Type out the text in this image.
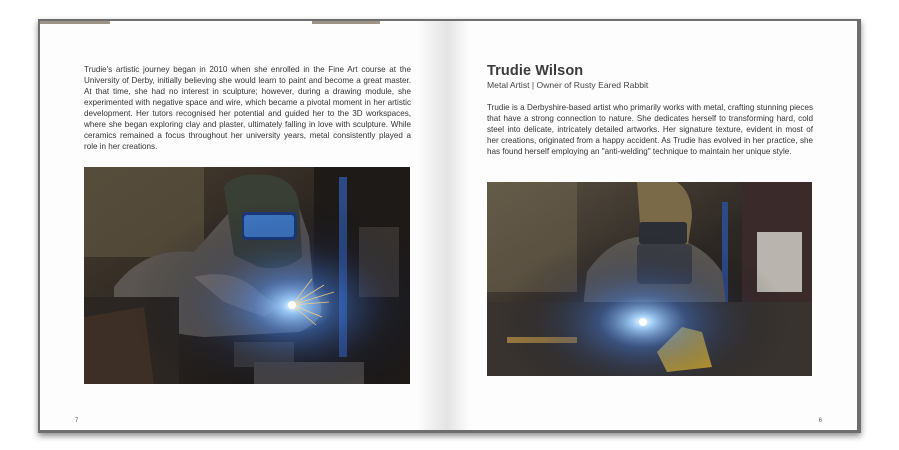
Trudie's artistic journey began in 2010 when she enrolled in the Fine Art course at the University of Derby, initially believing she would learn to paint and become a great master. At that time, she had no interest in sculpture; however, during a drawing module, she experimented with negative space and wire, which became a pivotal moment in her artistic development. Her tutors recognised her potential and guided her to the 3D workspaces, where she began exploring clay and plaster, ultimately falling in love with sculpture. While ceramics remained a focus throughout her university years, metal consistently played a role in her creations.

7
Trudie Wilson

Metal Artist | Owner of Rusty Eared Rabbit

Trudie is a Derbyshire-based artist who primarily works with metal, crafting stunning pieces that have a strong connection to nature. She dedicates herself to transforming hard, cold steel into delicate, intricately detailed artworks. Her signature texture, evident in most of her creations, originated from a happy accident. As Trudie has evolved in her practice, she has found herself employing an "anti-welding" technique to maintain her unique style.

6
